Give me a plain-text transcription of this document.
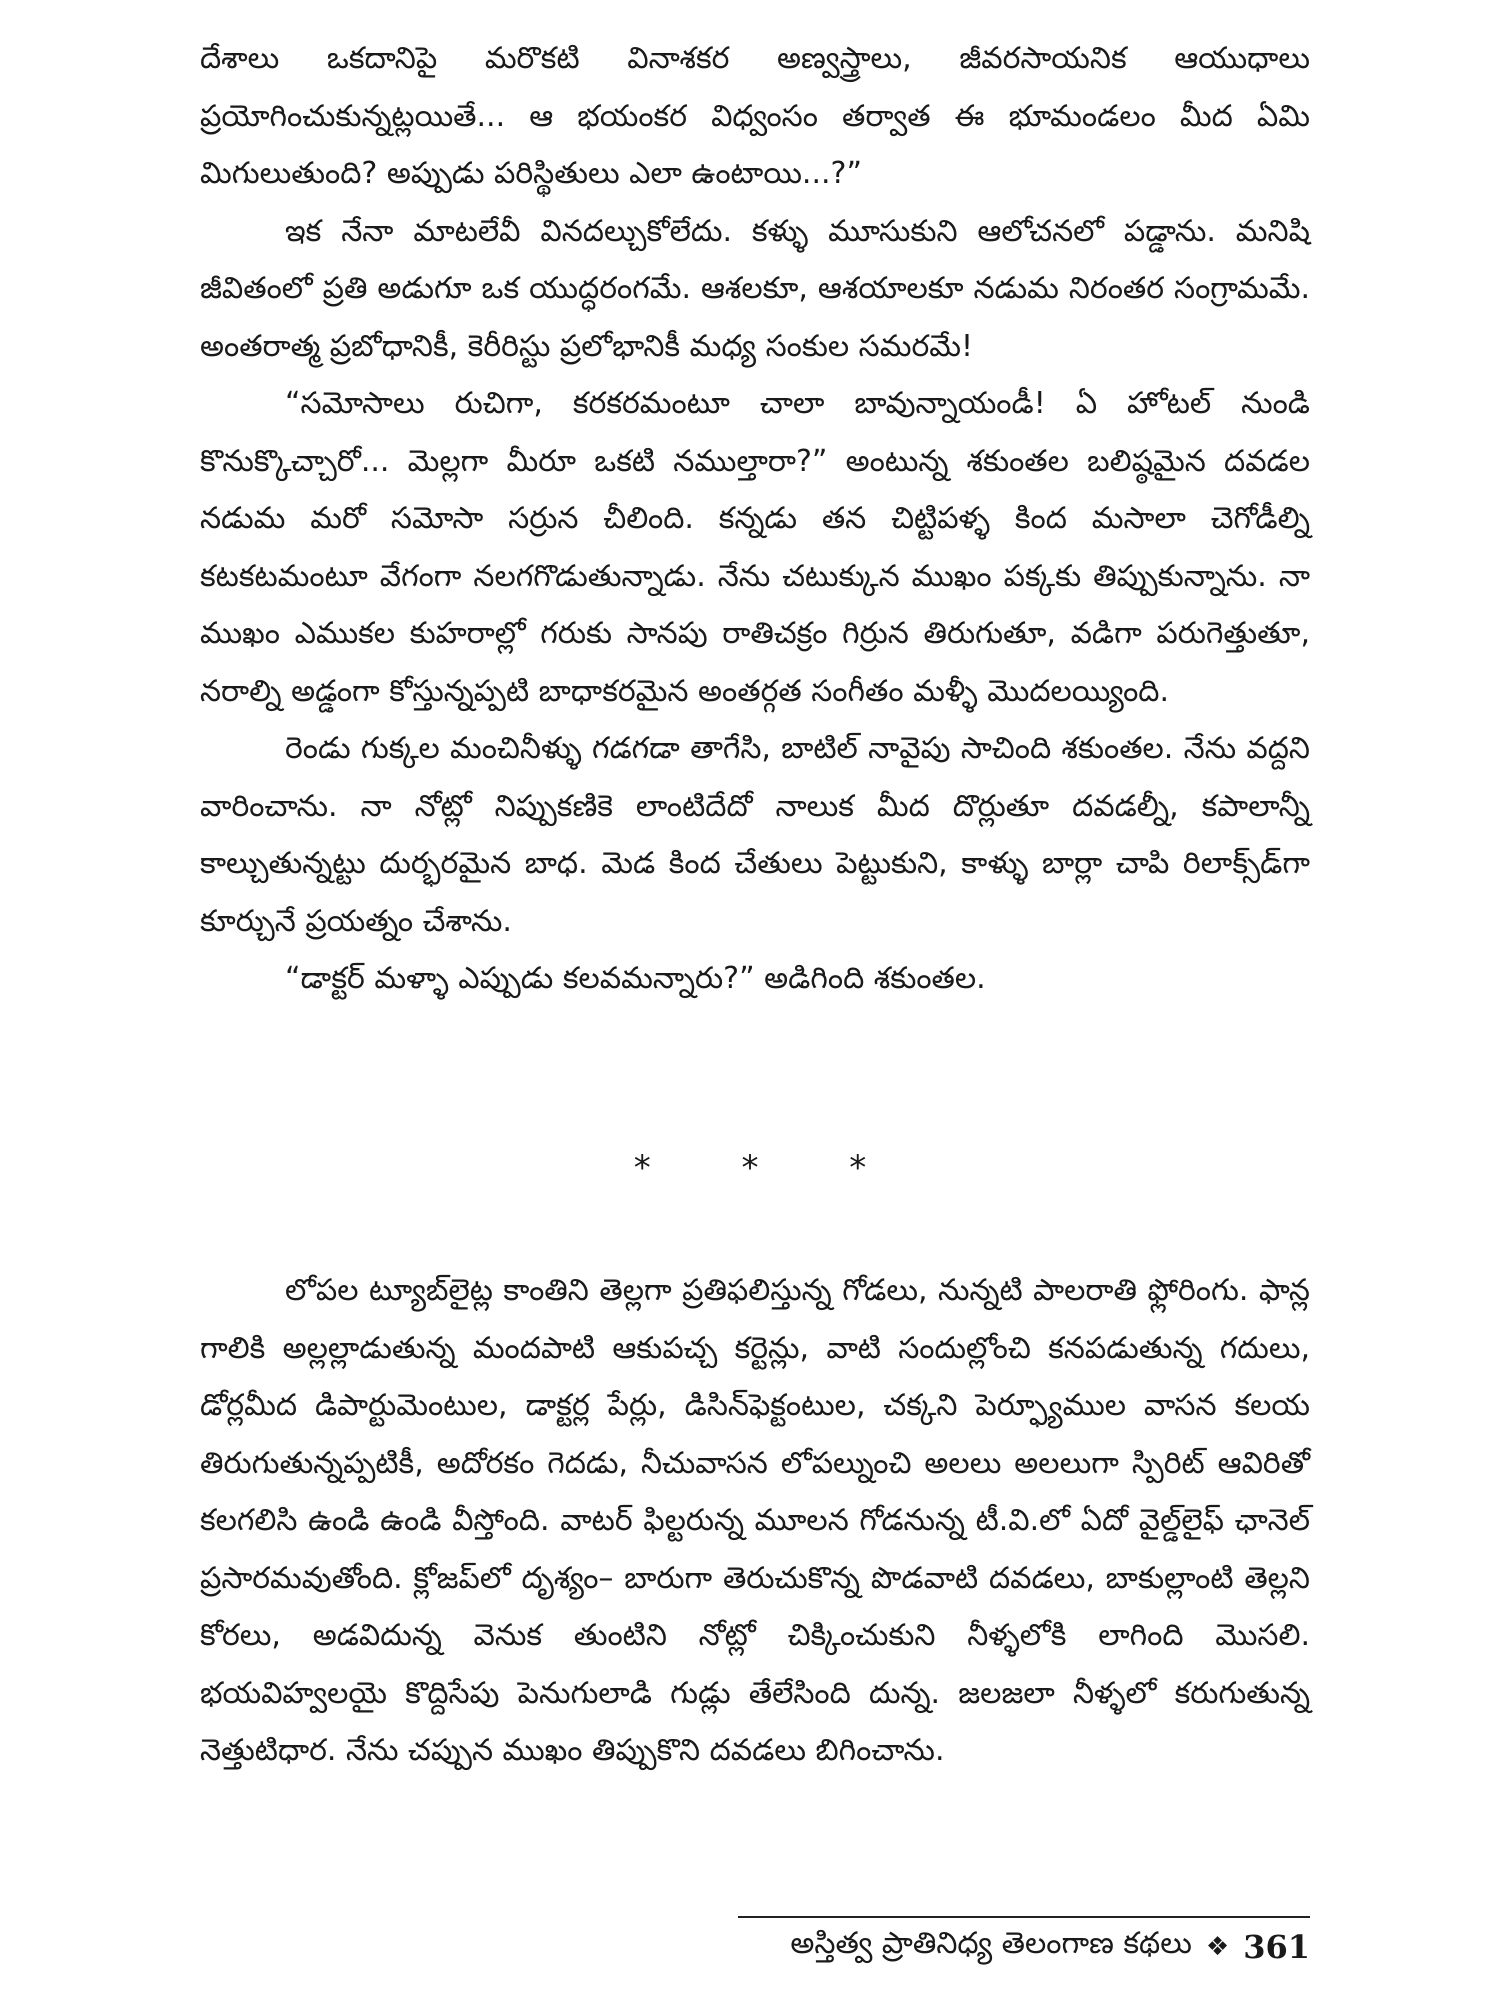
దేశాలు ఒకదానిపై మరొకటి వినాశకర అణ్వస్త్రాలు, జీవరసాయనిక ఆయుధాలు ప్రయోగించుకున్నట్లయితే... ఆ భయంకర విధ్వంసం తర్వాత ఈ భూమండలం మీద ఏమి మిగులుతుంది? అప్పుడు పరిస్థితులు ఎలా ఉంటాయి...?”

ఇక నేనా మాటలేవీ వినదల్చుకోలేదు. కళ్ళు మూసుకుని ఆలోచనలో పడ్డాను. మనిషి జీవితంలో ప్రతి అడుగూ ఒక యుద్ధరంగమే. ఆశలకూ, ఆశయాలకూ నడుమ నిరంతర సంగ్రామమే. అంతరాత్మ ప్రబోధానికీ, కెరీరిస్టు ప్రలోభానికీ మధ్య సంకుల సమరమే!

“సమోసాలు రుచిగా, కరకరమంటూ చాలా బావున్నాయండీ! ఏ హోటల్ నుండి కొనుక్కొచ్చారో... మెల్లగా మీరూ ఒకటి నముల్తారా?” అంటున్న శకుంతల బలిష్ఠమైన దవడల నడుమ మరో సమోసా సర్రున చీలింది. కన్నడు తన చిట్టిపళ్ళ కింద మసాలా చెగోడీల్ని కటకటమంటూ వేగంగా నలగగొడుతున్నాడు. నేను చటుక్కున ముఖం పక్కకు తిప్పుకున్నాను. నా ముఖం ఎముకల కుహరాల్లో గరుకు సానపు రాతిచక్రం గిర్రున తిరుగుతూ, వడిగా పరుగెత్తుతూ, నరాల్ని అడ్డంగా కోస్తున్నప్పటి బాధాకరమైన అంతర్గత సంగీతం మళ్ళీ మొదలయ్యింది.

రెండు గుక్కల మంచినీళ్ళు గడగడా తాగేసి, బాటిల్ నావైపు సాచింది శకుంతల. నేను వద్దని వారించాను. నా నోట్లో నిప్పుకణికె లాంటిదేదో నాలుక మీద దొర్లుతూ దవడల్నీ, కపాలాన్నీ కాల్చుతున్నట్టు దుర్భరమైన బాధ. మెడ కింద చేతులు పెట్టుకుని, కాళ్ళు బార్లా చాపి రిలాక్స్‌డ్‌గా కూర్చునే ప్రయత్నం చేశాను.

“డాక్టర్ మళ్ళా ఎప్పుడు కలవమన్నారు?” అడిగింది శకుంతల.

* * *

లోపల ట్యూబ్‌లైట్ల కాంతిని తెల్లగా ప్రతిఫలిస్తున్న గోడలు, నున్నటి పాలరాతి ఫ్లోరింగు. ఫాన్ల గాలికి అల్లల్లాడుతున్న మందపాటి ఆకుపచ్చ కర్టెన్లు, వాటి సందుల్లోంచి కనపడుతున్న గదులు, డోర్లమీద డిపార్టుమెంటుల, డాక్టర్ల పేర్లు, డిసిన్‌ఫెక్టంటుల, చక్కని పెర్ఫ్యూముల వాసన కలయ తిరుగుతున్నప్పటికీ, అదోరకం గెదడు, నీచువాసన లోపల్నుంచి అలలు అలలుగా స్పిరిట్ ఆవిరితో కలగలిసి ఉండి ఉండి వీస్తోంది. వాటర్ ఫిల్టరున్న మూలన గోడనున్న టీ.వి.లో ఏదో వైల్డ్‌లైఫ్ ఛానెల్ ప్రసారమవుతోంది. క్లోజప్‌లో దృశ్యం– బారుగా తెరుచుకొన్న పొడవాటి దవడలు, బాకుల్లాంటి తెల్లని కోరలు, అడవిదున్న వెనుక తుంటిని నోట్లో చిక్కించుకుని నీళ్ళలోకి లాగింది మొసలి. భయవిహ్వలయై కొద్దిసేపు పెనుగులాడి గుడ్లు తేలేసింది దున్న. జలజలా నీళ్ళలో కరుగుతున్న నెత్తుటిధార. నేను చప్పున ముఖం తిప్పుకొని దవడలు బిగించాను.

అస్తిత్వ ప్రాతినిధ్య తెలంగాణ కథలు ❖ 361
